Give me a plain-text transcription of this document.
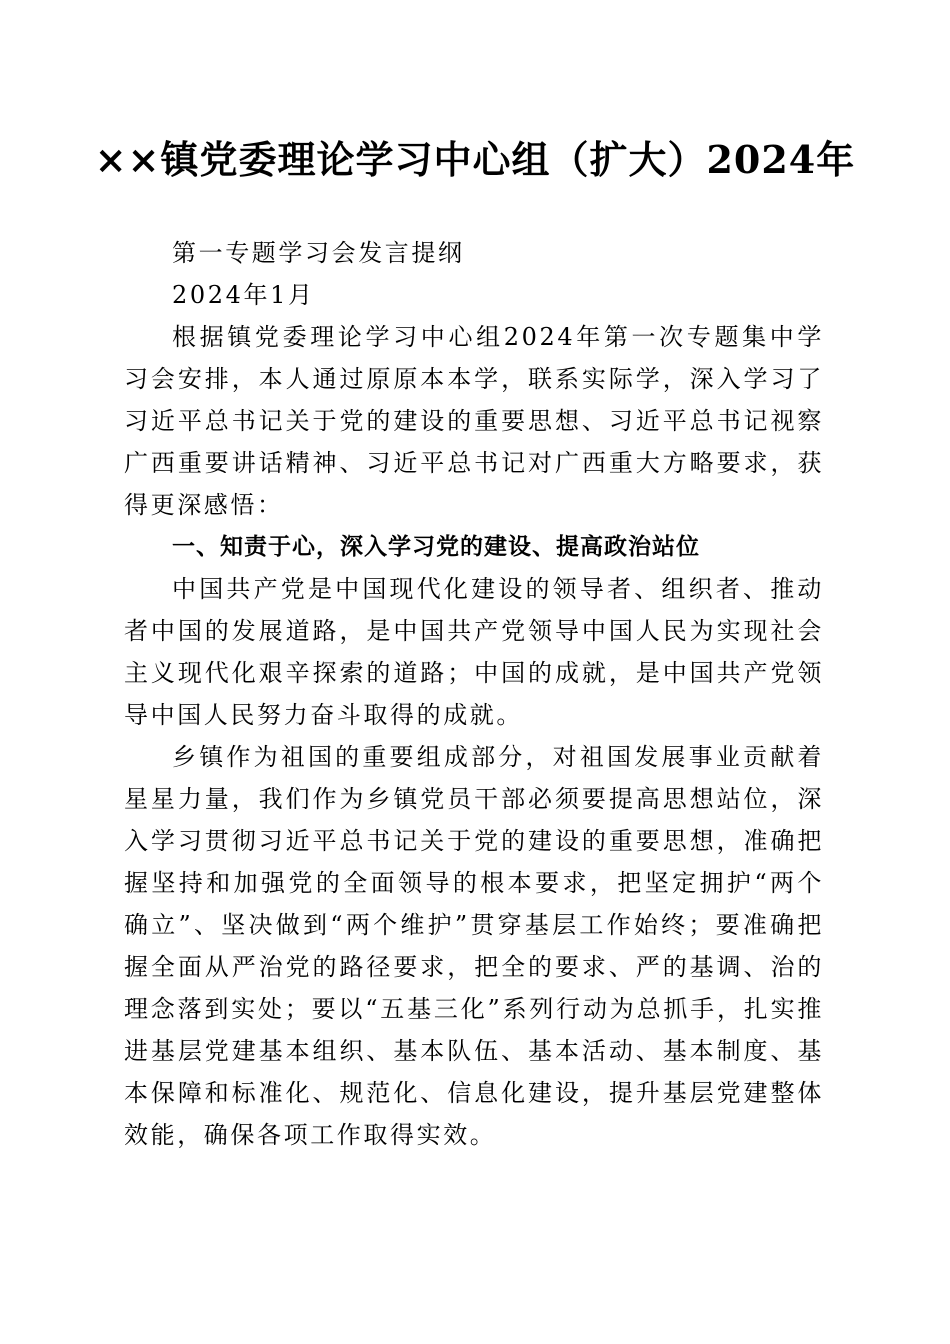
××镇党委理论学习中心组（扩大）2024年

第一专题学习会发言提纲

2024年1月

根据镇党委理论学习中心组2024年第一次专题集中学习会安排，本人通过原原本本学，联系实际学，深入学习了习近平总书记关于党的建设的重要思想、习近平总书记视察广西重要讲话精神、习近平总书记对广西重大方略要求，获得更深感悟：

一、知责于心，深入学习党的建设、提高政治站位

中国共产党是中国现代化建设的领导者、组织者、推动者中国的发展道路，是中国共产党领导中国人民为实现社会主义现代化艰辛探索的道路；中国的成就，是中国共产党领导中国人民努力奋斗取得的成就。

乡镇作为祖国的重要组成部分，对祖国发展事业贡献着星星力量，我们作为乡镇党员干部必须要提高思想站位，深入学习贯彻习近平总书记关于党的建设的重要思想，准确把握坚持和加强党的全面领导的根本要求，把坚定拥护“两个确立”、坚决做到“两个维护”贯穿基层工作始终；要准确把握全面从严治党的路径要求，把全的要求、严的基调、治的理念落到实处；要以“五基三化”系列行动为总抓手，扎实推进基层党建基本组织、基本队伍、基本活动、基本制度、基本保障和标准化、规范化、信息化建设，提升基层党建整体效能，确保各项工作取得实效。
